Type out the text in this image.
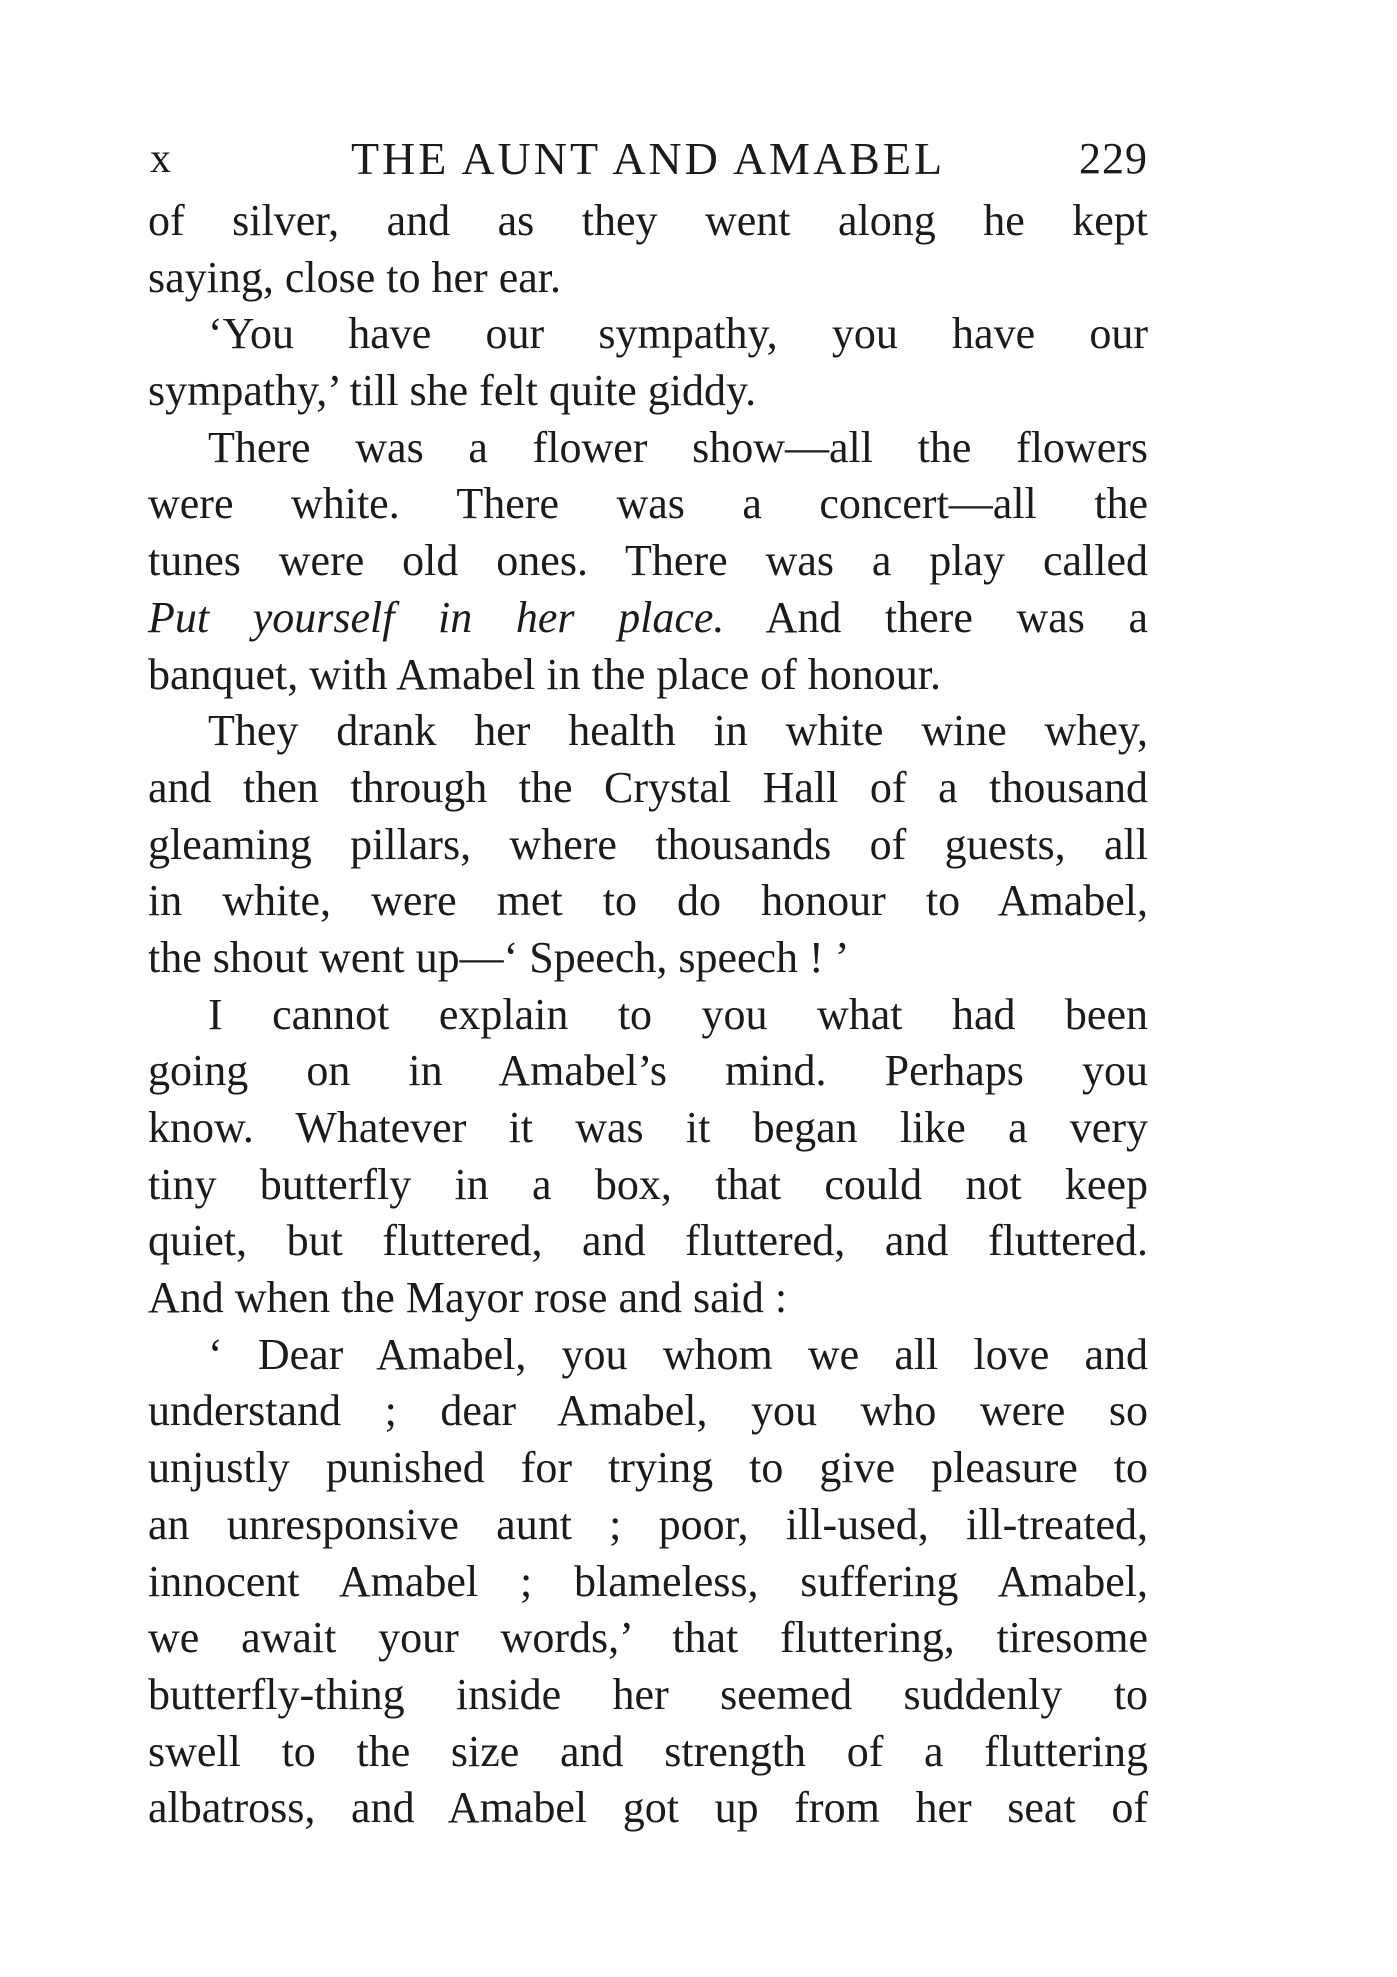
x	THE AUNT AND AMABEL	229
of silver, and as they went along he kept
saying, close to her ear.
‘You have our sympathy, you have our
sympathy,’ till she felt quite giddy.
There was a flower show—all the flowers
were white. There was a concert—all the
tunes were old ones. There was a play called
Put yourself in her place. And there was a
banquet, with Amabel in the place of honour.
They drank her health in white wine whey,
and then through the Crystal Hall of a thousand
gleaming pillars, where thousands of guests, all
in white, were met to do honour to Amabel,
the shout went up—‘ Speech, speech ! ’
I cannot explain to you what had been
going on in Amabel’s mind. Perhaps you
know. Whatever it was it began like a very
tiny butterfly in a box, that could not keep
quiet, but fluttered, and fluttered, and fluttered.
And when the Mayor rose and said :
‘ Dear Amabel, you whom we all love and
understand ; dear Amabel, you who were so
unjustly punished for trying to give pleasure to
an unresponsive aunt ; poor, ill-used, ill-treated,
innocent Amabel ; blameless, suffering Amabel,
we await your words,’ that fluttering, tiresome
butterfly-thing inside her seemed suddenly to
swell to the size and strength of a fluttering
albatross, and Amabel got up from her seat of
